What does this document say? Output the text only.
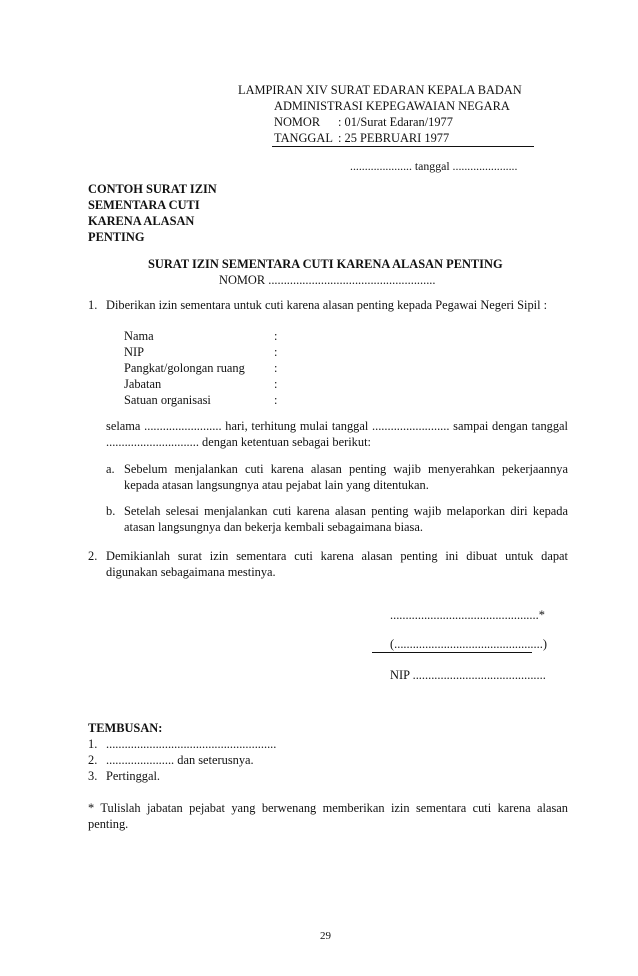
LAMPIRAN XIV SURAT EDARAN KEPALA BADAN
ADMINISTRASI KEPEGAWAIAN NEGARA
NOMOR : 01/Surat Edaran/1977
TANGGAL : 25 PEBRUARI 1977
..................... tanggal ......................
CONTOH SURAT IZIN
SEMENTARA CUTI
KARENA ALASAN
PENTING
SURAT IZIN SEMENTARA CUTI KARENA ALASAN PENTING
NOMOR ......................................................
1. Diberikan izin sementara untuk cuti karena alasan penting kepada Pegawai Negeri Sipil :
Nama	:
NIP	:
Pangkat/golongan ruang :
Jabatan	:
Satuan organisasi	:
selama ......................... hari, terhitung mulai tanggal ......................... sampai dengan tanggal
.............................. dengan ketentuan sebagai berikut:
a. Sebelum menjalankan cuti karena alasan penting wajib menyerahkan pekerjaannya
kepada atasan langsungnya atau pejabat lain yang ditentukan.
b. Setelah selesai menjalankan cuti karena alasan penting wajib melaporkan diri kepada
atasan langsungnya dan bekerja kembali sebagaimana biasa.
2. Demikianlah surat izin sementara cuti karena alasan penting ini dibuat untuk dapat
digunakan sebagaimana mestinya.
................................................*
(................................................)
NIP ...........................................
TEMBUSAN:
1. .......................................................
2. ...................... dan seterusnya.
3. Pertinggal.
* Tulislah jabatan pejabat yang berwenang memberikan izin sementara cuti karena alasan
penting.
29
